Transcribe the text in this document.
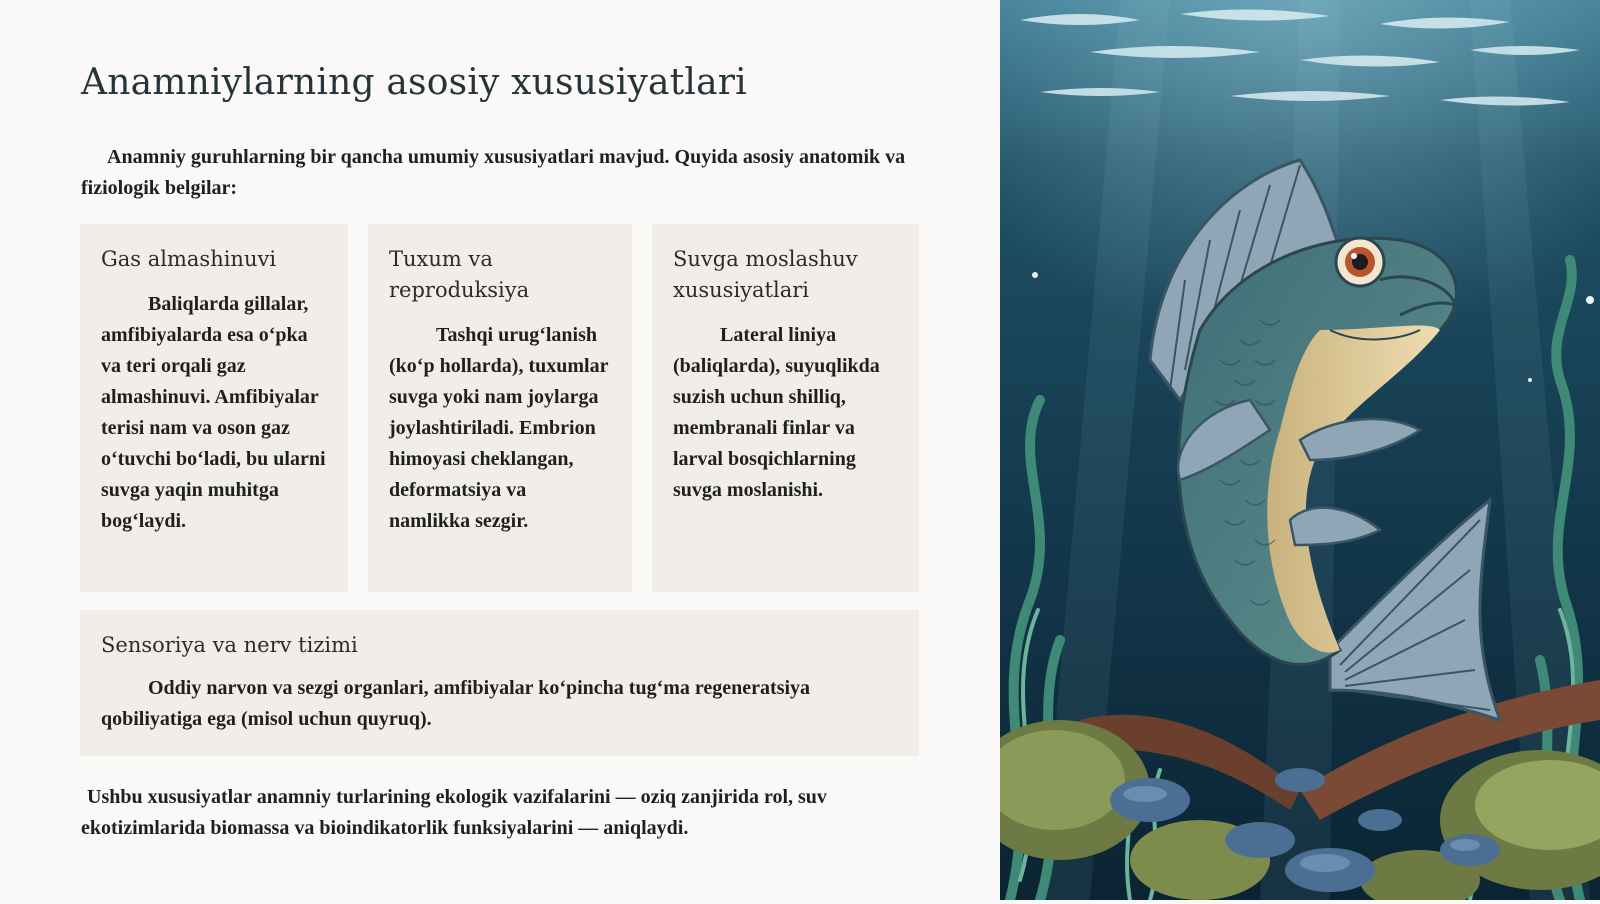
Anamniylarning asosiy xususiyatlari

Anamniy guruhlarning bir qancha umumiy xususiyatlari mavjud. Quyida asosiy anatomik va fiziologik belgilar:

Gas almashinuvi

Baliqlarda gillalar, amfibiyalarda esa o‘pka va teri orqali gaz almashinuvi. Amfibiyalar terisi nam va oson gaz o‘tuvchi bo‘ladi, bu ularni suvga yaqin muhitga bog‘laydi.

Tuxum va reproduksiya

Tashqi urug‘lanish (ko‘p hollarda), tuxumlar suvga yoki nam joylarga joylashtiriladi. Embrion himoyasi cheklangan, deformatsiya va namlikka sezgir.

Suvga moslashuv xususiyatlari

Lateral liniya (baliqlarda), suyuqlikda suzish uchun shilliq, membranali finlar va larval bosqichlarning suvga moslanishi.

Sensoriya va nerv tizimi

Oddiy narvon va sezgi organlari, amfibiyalar ko‘pincha tug‘ma regeneratsiya qobiliyatiga ega (misol uchun quyruq).

Ushbu xususiyatlar anamniy turlarining ekologik vazifalarini — oziq zanjirida rol, suv ekotizimlarida biomassa va bioindikatorlik funksiyalarini — aniqlaydi.
